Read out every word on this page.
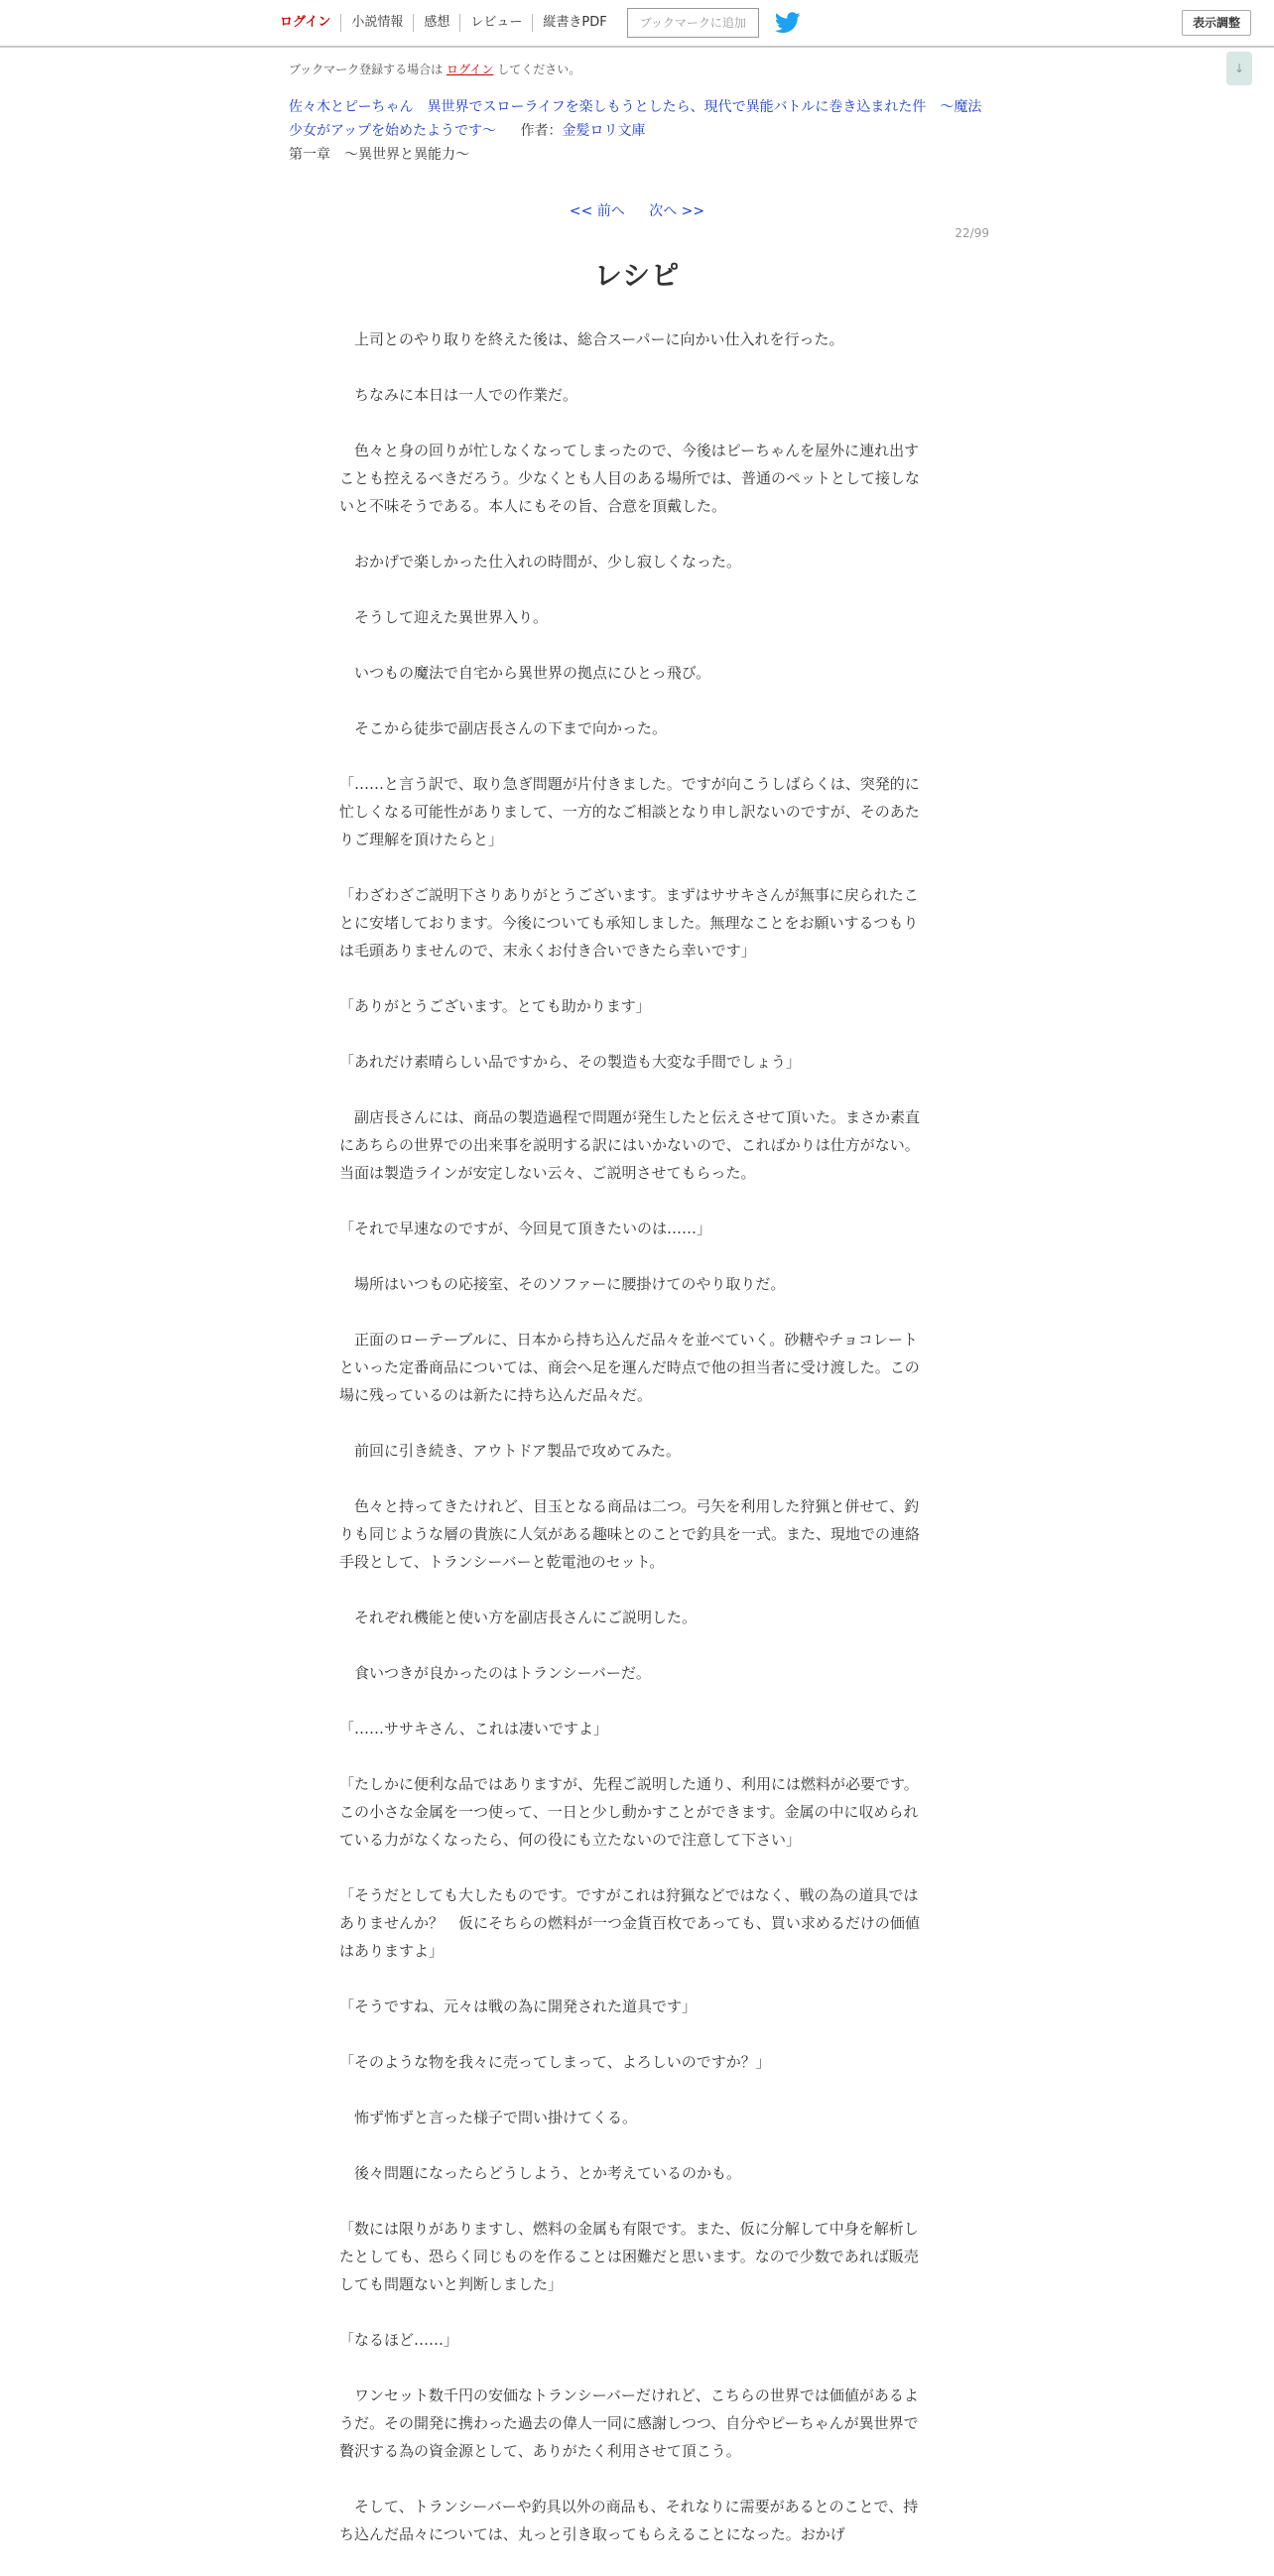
ログイン	小説情報	感想	レビュー	縦書きPDF	ブックマークに追加	表示調整
↓
ブックマーク登録する場合は ログイン してください。
佐々木とピーちゃん　異世界でスローライフを楽しもうとしたら、現代で異能バトルに巻き込まれた件　～魔法少女がアップを始めたようです～ 作者：金髪ロリ文庫
第一章　～異世界と異能力～
<< 前へ 次へ >>
22/99
レシピ

　上司とのやり取りを終えた後は、総合スーパーに向かい仕入れを行った。

　ちなみに本日は一人での作業だ。

　色々と身の回りが忙しなくなってしまったので、今後はピーちゃんを屋外に連れ出すことも控えるべきだろう。少なくとも人目のある場所では、普通のペットとして接しないと不味そうである。本人にもその旨、合意を頂戴した。

　おかげで楽しかった仕入れの時間が、少し寂しくなった。

　そうして迎えた異世界入り。

　いつもの魔法で自宅から異世界の拠点にひとっ飛び。

　そこから徒歩で副店長さんの下まで向かった。

「……と言う訳で、取り急ぎ問題が片付きました。ですが向こうしばらくは、突発的に忙しくなる可能性がありまして、一方的なご相談となり申し訳ないのですが、そのあたりご理解を頂けたらと」

「わざわざご説明下さりありがとうございます。まずはササキさんが無事に戻られたことに安堵しております。今後についても承知しました。無理なことをお願いするつもりは毛頭ありませんので、末永くお付き合いできたら幸いです」

「ありがとうございます。とても助かります」

「あれだけ素晴らしい品ですから、その製造も大変な手間でしょう」

　副店長さんには、商品の製造過程で問題が発生したと伝えさせて頂いた。まさか素直にあちらの世界での出来事を説明する訳にはいかないので、こればかりは仕方がない。当面は製造ラインが安定しない云々、ご説明させてもらった。

「それで早速なのですが、今回見て頂きたいのは……」

　場所はいつもの応接室、そのソファーに腰掛けてのやり取りだ。

　正面のローテーブルに、日本から持ち込んだ品々を並べていく。砂糖やチョコレートといった定番商品については、商会へ足を運んだ時点で他の担当者に受け渡した。この場に残っているのは新たに持ち込んだ品々だ。

　前回に引き続き、アウトドア製品で攻めてみた。

　色々と持ってきたけれど、目玉となる商品は二つ。弓矢を利用した狩猟と併せて、釣りも同じような層の貴族に人気がある趣味とのことで釣具を一式。また、現地での連絡手段として、トランシーバーと乾電池のセット。

　それぞれ機能と使い方を副店長さんにご説明した。

　食いつきが良かったのはトランシーバーだ。

「……ササキさん、これは凄いですよ」

「たしかに便利な品ではありますが、先程ご説明した通り、利用には燃料が必要です。この小さな金属を一つ使って、一日と少し動かすことができます。金属の中に収められている力がなくなったら、何の役にも立たないので注意して下さい」

「そうだとしても大したものです。ですがこれは狩猟などではなく、戦の為の道具ではありませんか？　仮にそちらの燃料が一つ金貨百枚であっても、買い求めるだけの価値はありますよ」

「そうですね、元々は戦の為に開発された道具です」

「そのような物を我々に売ってしまって、よろしいのですか？」

　怖ず怖ずと言った様子で問い掛けてくる。

　後々問題になったらどうしよう、とか考えているのかも。

「数には限りがありますし、燃料の金属も有限です。また、仮に分解して中身を解析したとしても、恐らく同じものを作ることは困難だと思います。なので少数であれば販売しても問題ないと判断しました」

「なるほど……」

　ワンセット数千円の安価なトランシーバーだけれど、こちらの世界では価値があるようだ。その開発に携わった過去の偉人一同に感謝しつつ、自分やピーちゃんが異世界で贅沢する為の資金源として、ありがたく利用させて頂こう。

　そして、トランシーバーや釣具以外の商品も、それなりに需要があるとのことで、持ち込んだ品々については、丸っと引き取ってもらえることになった。おかげ
